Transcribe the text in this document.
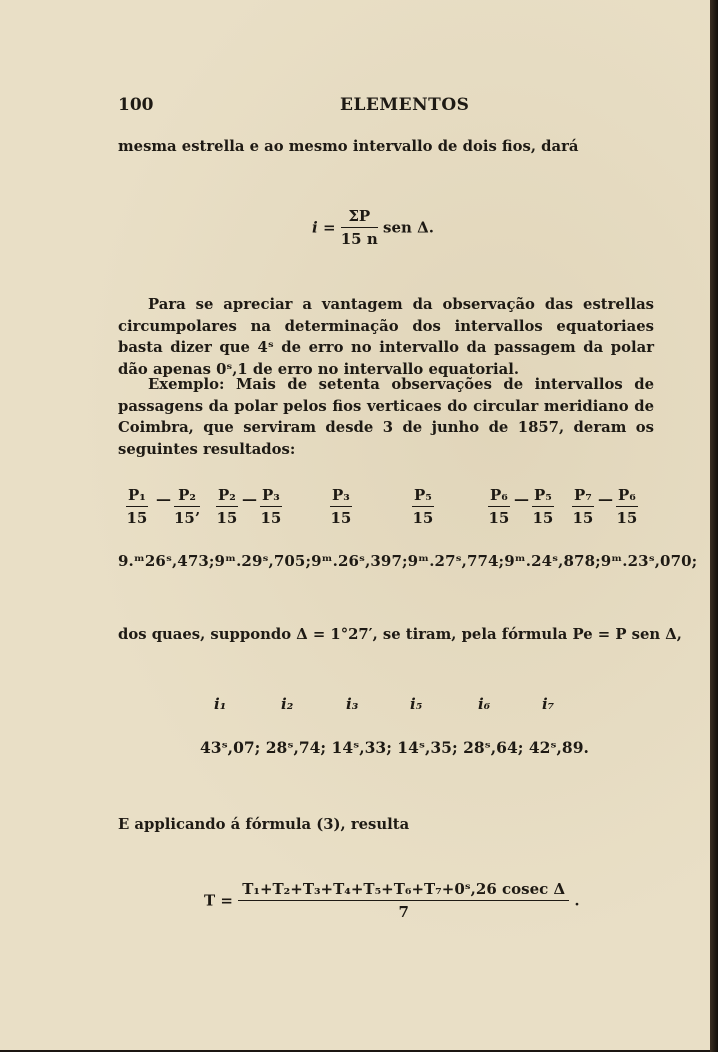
100	ELEMENTOS
mesma estrella e ao mesmo intervallo de dois fios, dará
$i = \frac{\Sigma P}{15 n}$ sen Δ.
Para se apreciar a vantagem da observação das estrellas circumpolares na determinação dos intervallos equatoriaes basta dizer que 4ˢ de erro no intervallo da passagem da polar dão apenas 0ˢ,1 de erro no intervallo equatorial.
Exemplo: Mais de setenta observações de intervallos de passagens da polar pelos fios verticaes do circular meridiano de Coimbra, que serviram desde 3 de junho de 1857, deram os seguintes resultados:
$\frac{\text{P₁}}{15}$ — $\frac{\text{P₂}}{15’} \frac{\text{P₂}}{15}$ — $\frac{\text{P₃}}{15}$	$\frac{\text{P₃}}{15}$	$\frac{\text{P₅}}{15}$	$\frac{\text{P₆}}{15}$ — $\frac{\text{P₅}}{15} \frac{\text{P₇}}{15}$ — $\frac{\text{P₆}}{15}$
9.ᵐ26ˢ,473;9ᵐ.29ˢ,705;9ᵐ.26ˢ,397;9ᵐ.27ˢ,774;9ᵐ.24ˢ,878;9ᵐ.23ˢ,070;
dos quaes, suppondo Δ = 1°27′, se tiram, pela fórmula Pe = P sen Δ,
i₁	i₂	i₃	i₅	i₆	i₇
43ˢ,07; 28ˢ,74; 14ˢ,33; 14ˢ,35; 28ˢ,64; 42ˢ,89.
E applicando á fórmula (3), resulta
$T = \frac{\text{T₁+T₂+T₃+T₄+T₅+T₆+T₇+0ˢ,26 cosec Δ}}{7}$ .
